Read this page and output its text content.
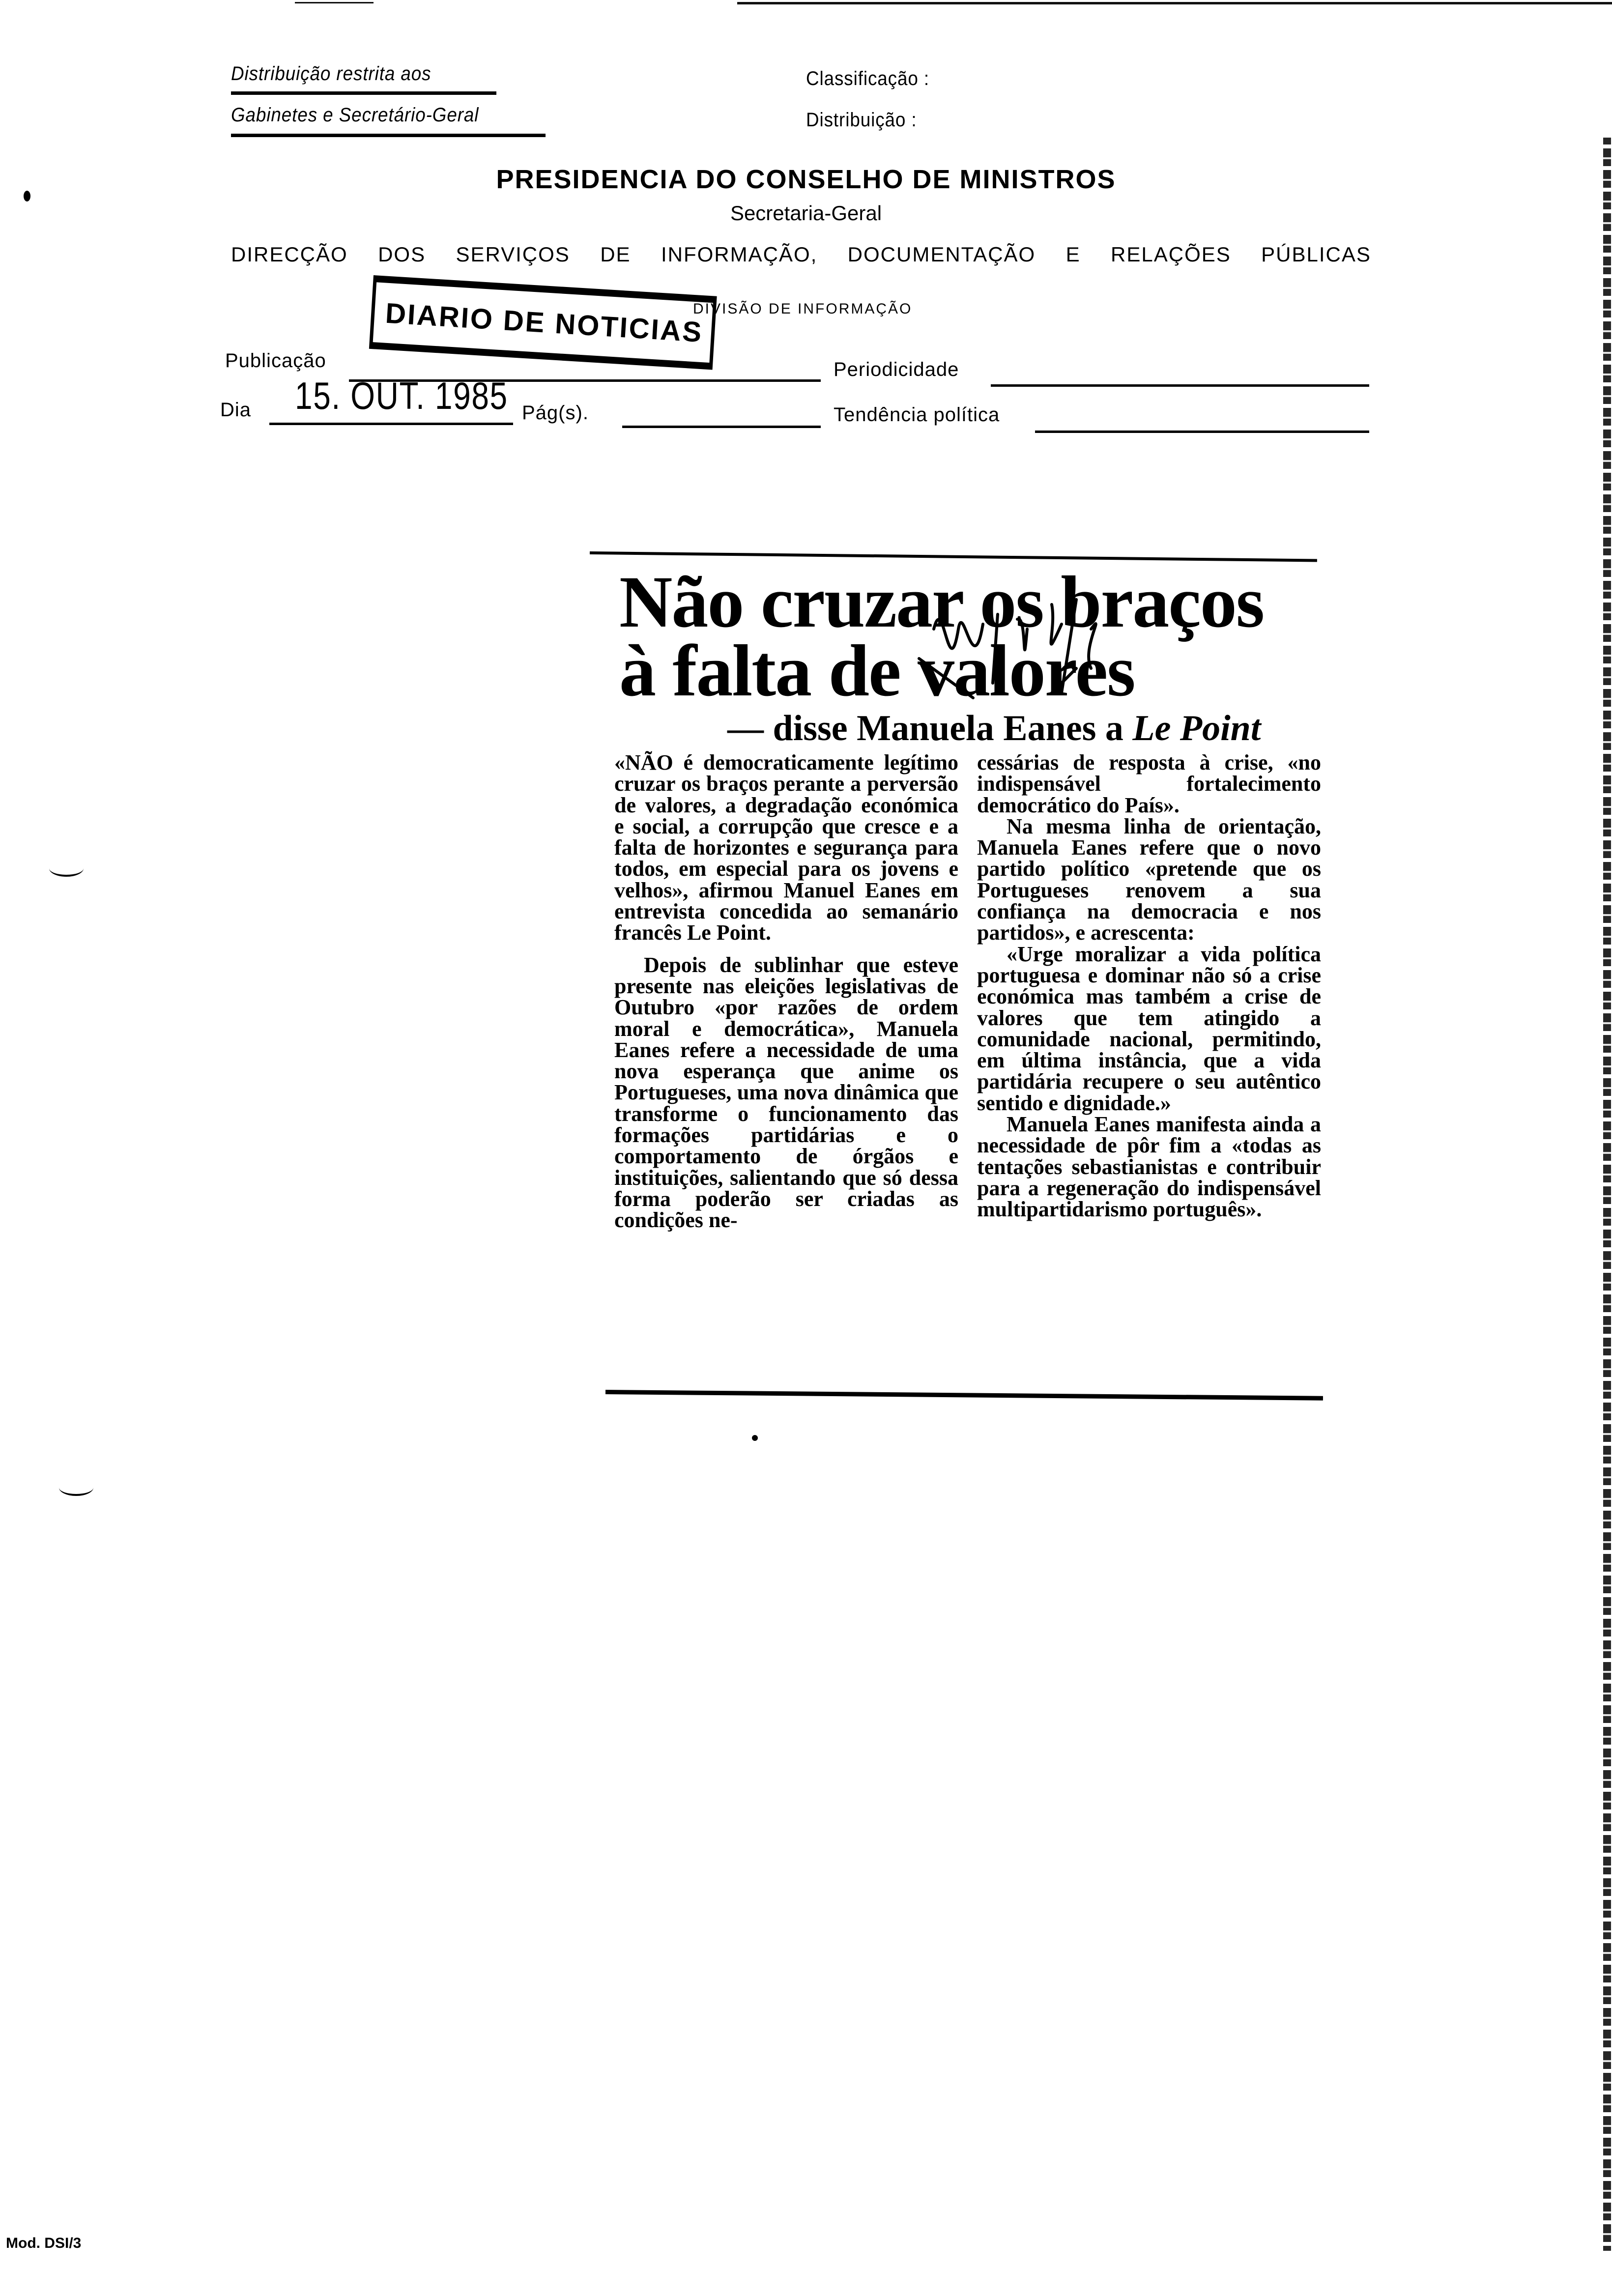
Distribuição restrita aos
Gabinetes e Secretário-Geral
Classificação :
Distribuição :
PRESIDENCIA DO CONSELHO DE MINISTROS
Secretaria-Geral
DIRECÇÃO DOS SERVIÇOS DE INFORMAÇÃO, DOCUMENTAÇÃO E RELAÇÕES PÚBLICAS
DIVISÃO DE INFORMAÇÃO
DIARIO DE NOTICIAS
Publicação	Periodicidade
Dia 15. OUT. 1985 Pág(s).	Tendência política
Não cruzar os braços
à falta de valores
— disse Manuela Eanes a Le Point

«NÃO é democraticamente legítimo cruzar os braços perante a perversão de valores, a degradação económica e social, a corrupção que cresce e a falta de horizontes e segurança para todos, em especial para os jovens e velhos», afirmou Manuel Eanes em entrevista concedida ao semanário francês Le Point.

Depois de sublinhar que esteve presente nas eleições legislativas de Outubro «por razões de ordem moral e democrática», Manuela Eanes refere a necessidade de uma nova esperança que anime os Portugueses, uma nova dinâmica que transforme o funcionamento das formações partidárias e o comportamento de órgãos e instituições, salientando que só dessa forma poderão ser criadas as condições ne-

cessárias de resposta à crise, «no indispensável fortalecimento democrático do País».

Na mesma linha de orientação, Manuela Eanes refere que o novo partido político «pretende que os Portugueses renovem a sua confiança na democracia e nos partidos», e acrescenta:

«Urge moralizar a vida política portuguesa e dominar não só a crise económica mas também a crise de valores que tem atingido a comunidade nacional, permitindo, em última instância, que a vida partidária recupere o seu autêntico sentido e dignidade.»

Manuela Eanes manifesta ainda a necessidade de pôr fim a «todas as tentações sebastianistas e contribuir para a regeneração do indispensável multipartidarismo português».

Mod. DSI/3
